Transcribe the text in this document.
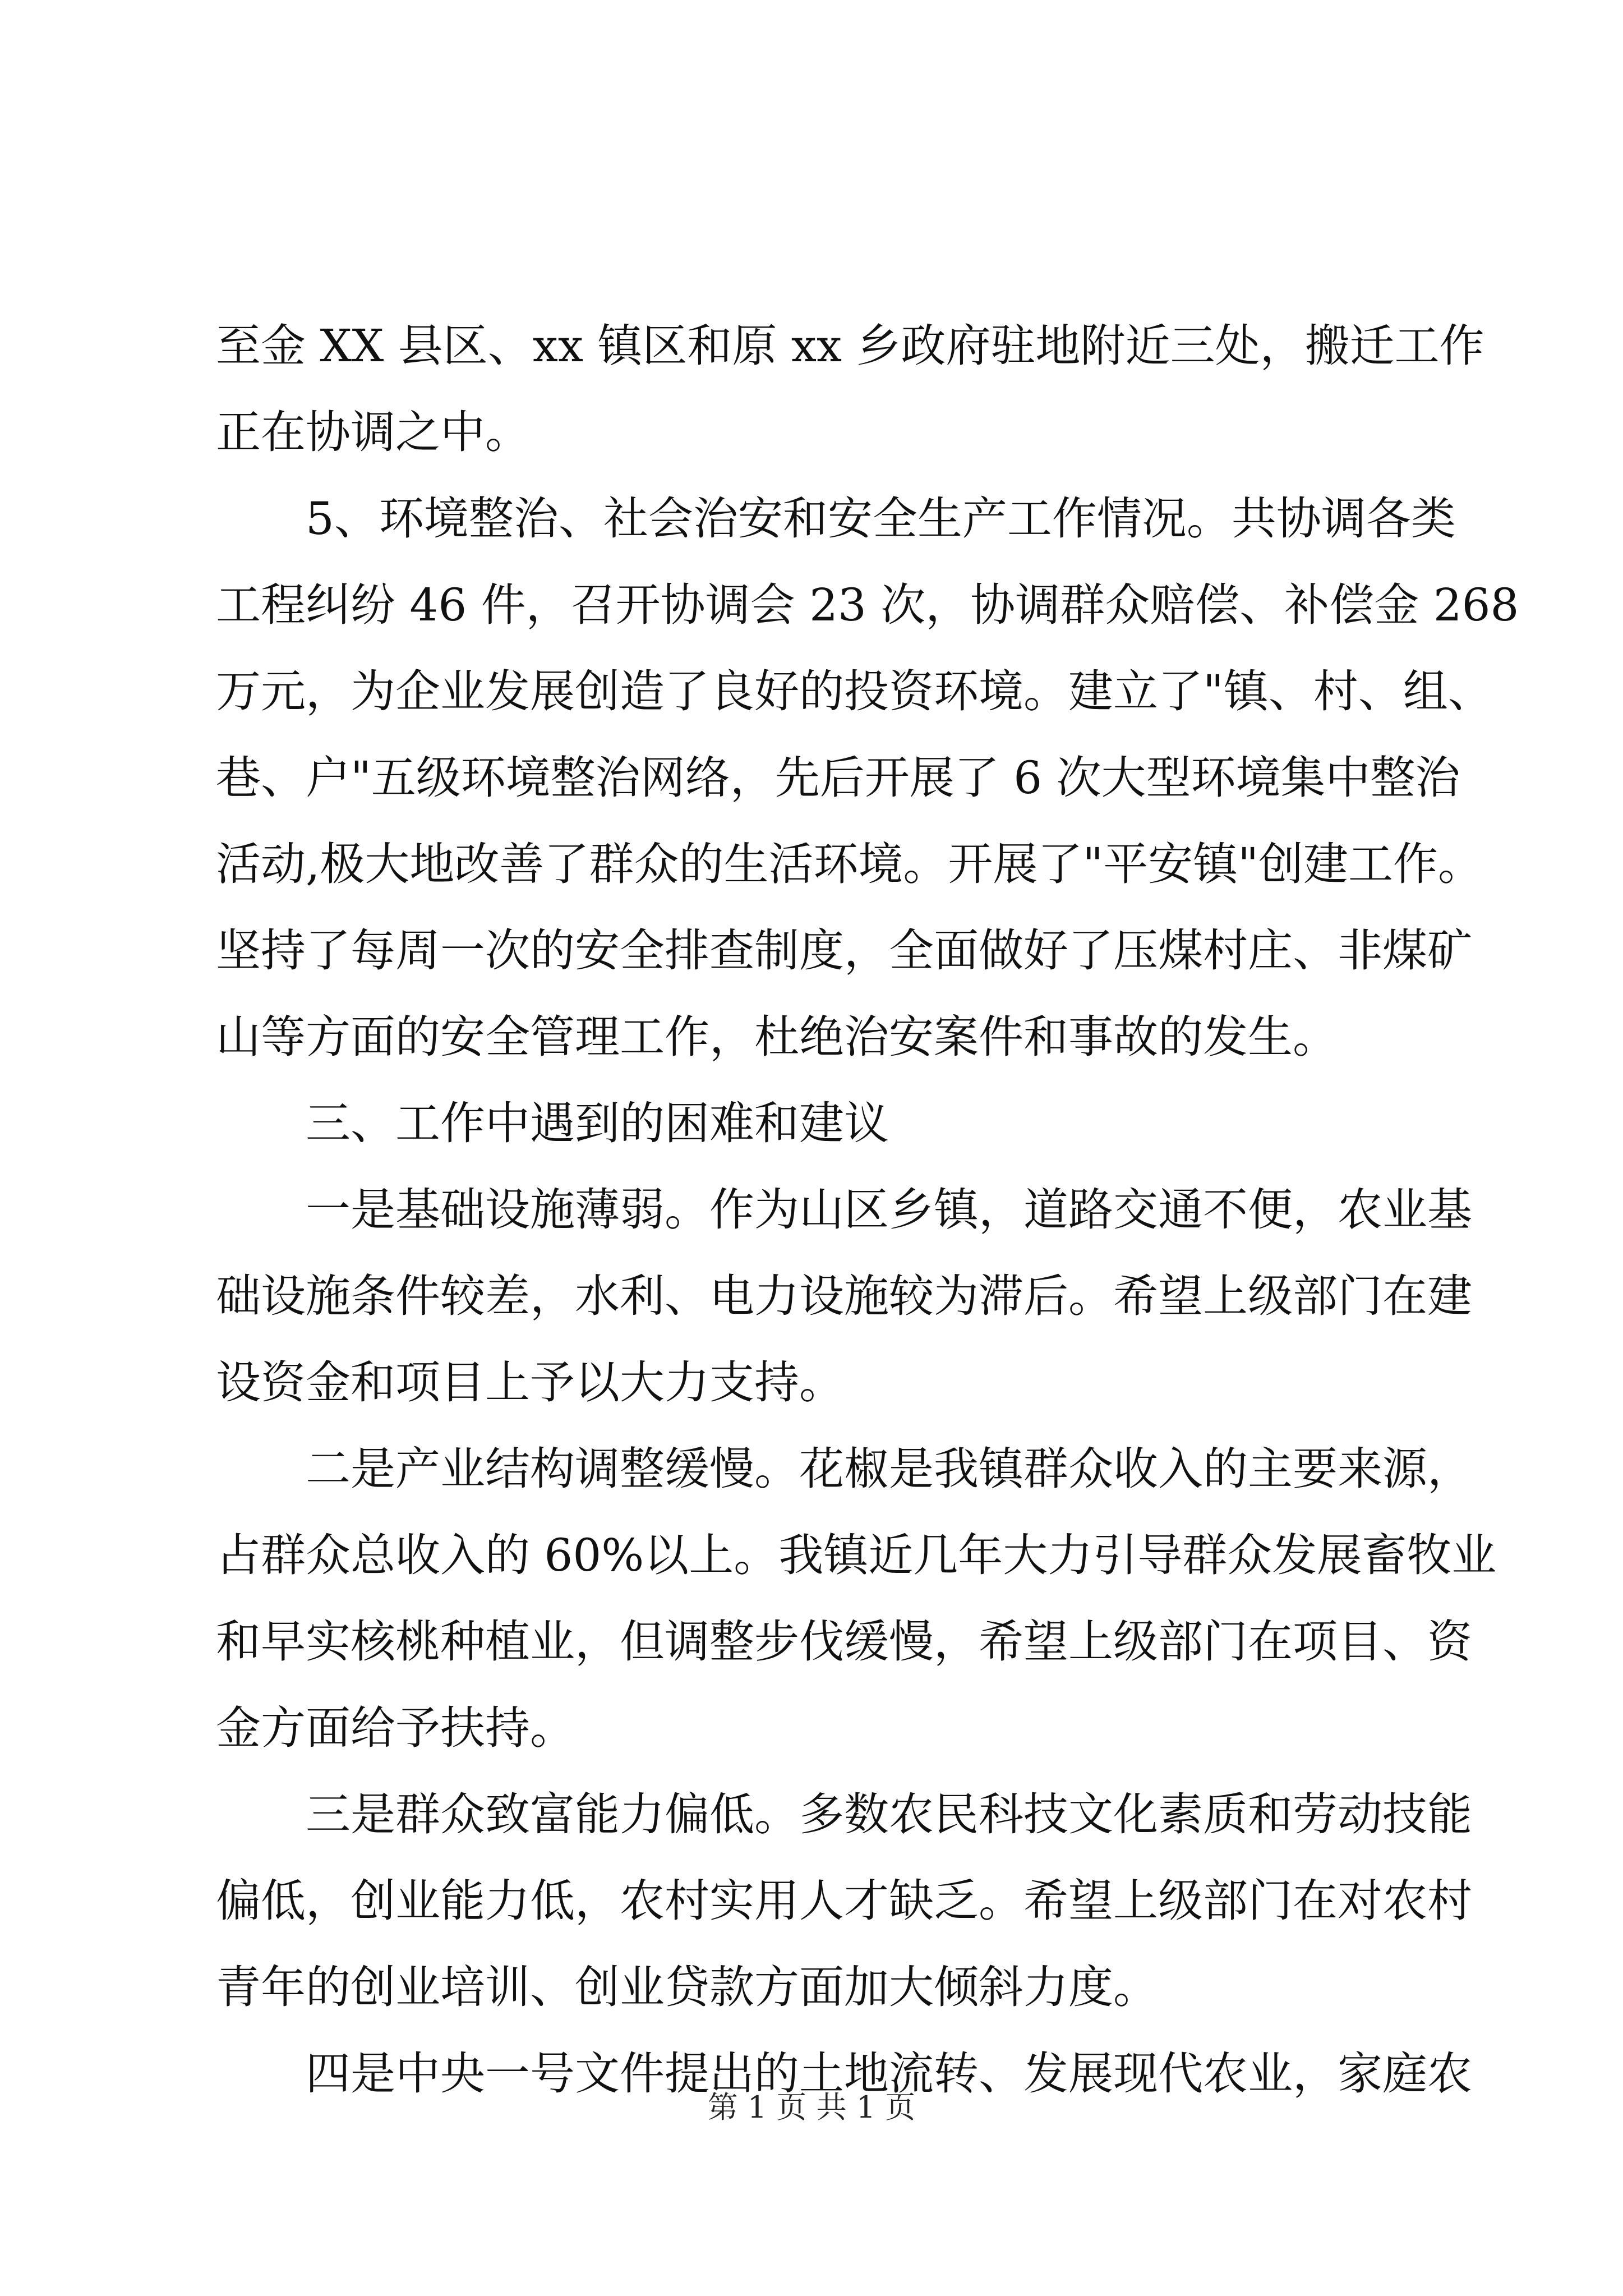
至金 XX 县区、xx 镇区和原 xx 乡政府驻地附近三处，搬迁工作
正在协调之中。
5、环境整治、社会治安和安全生产工作情况。共协调各类
工程纠纷 46 件，召开协调会 23 次，协调群众赔偿、补偿金 268
万元，为企业发展创造了良好的投资环境。建立了"镇、村、组、
巷、户"五级环境整治网络，先后开展了 6 次大型环境集中整治
活动,极大地改善了群众的生活环境。开展了"平安镇"创建工作。
坚持了每周一次的安全排查制度，全面做好了压煤村庄、非煤矿
山等方面的安全管理工作，杜绝治安案件和事故的发生。
三、工作中遇到的困难和建议
一是基础设施薄弱。作为山区乡镇，道路交通不便，农业基
础设施条件较差，水利、电力设施较为滞后。希望上级部门在建
设资金和项目上予以大力支持。
二是产业结构调整缓慢。花椒是我镇群众收入的主要来源，
占群众总收入的 60%以上。我镇近几年大力引导群众发展畜牧业
和早实核桃种植业，但调整步伐缓慢，希望上级部门在项目、资
金方面给予扶持。
三是群众致富能力偏低。多数农民科技文化素质和劳动技能
偏低，创业能力低，农村实用人才缺乏。希望上级部门在对农村
青年的创业培训、创业贷款方面加大倾斜力度。
四是中央一号文件提出的土地流转、发展现代农业，家庭农
第 1 页 共 1 页
